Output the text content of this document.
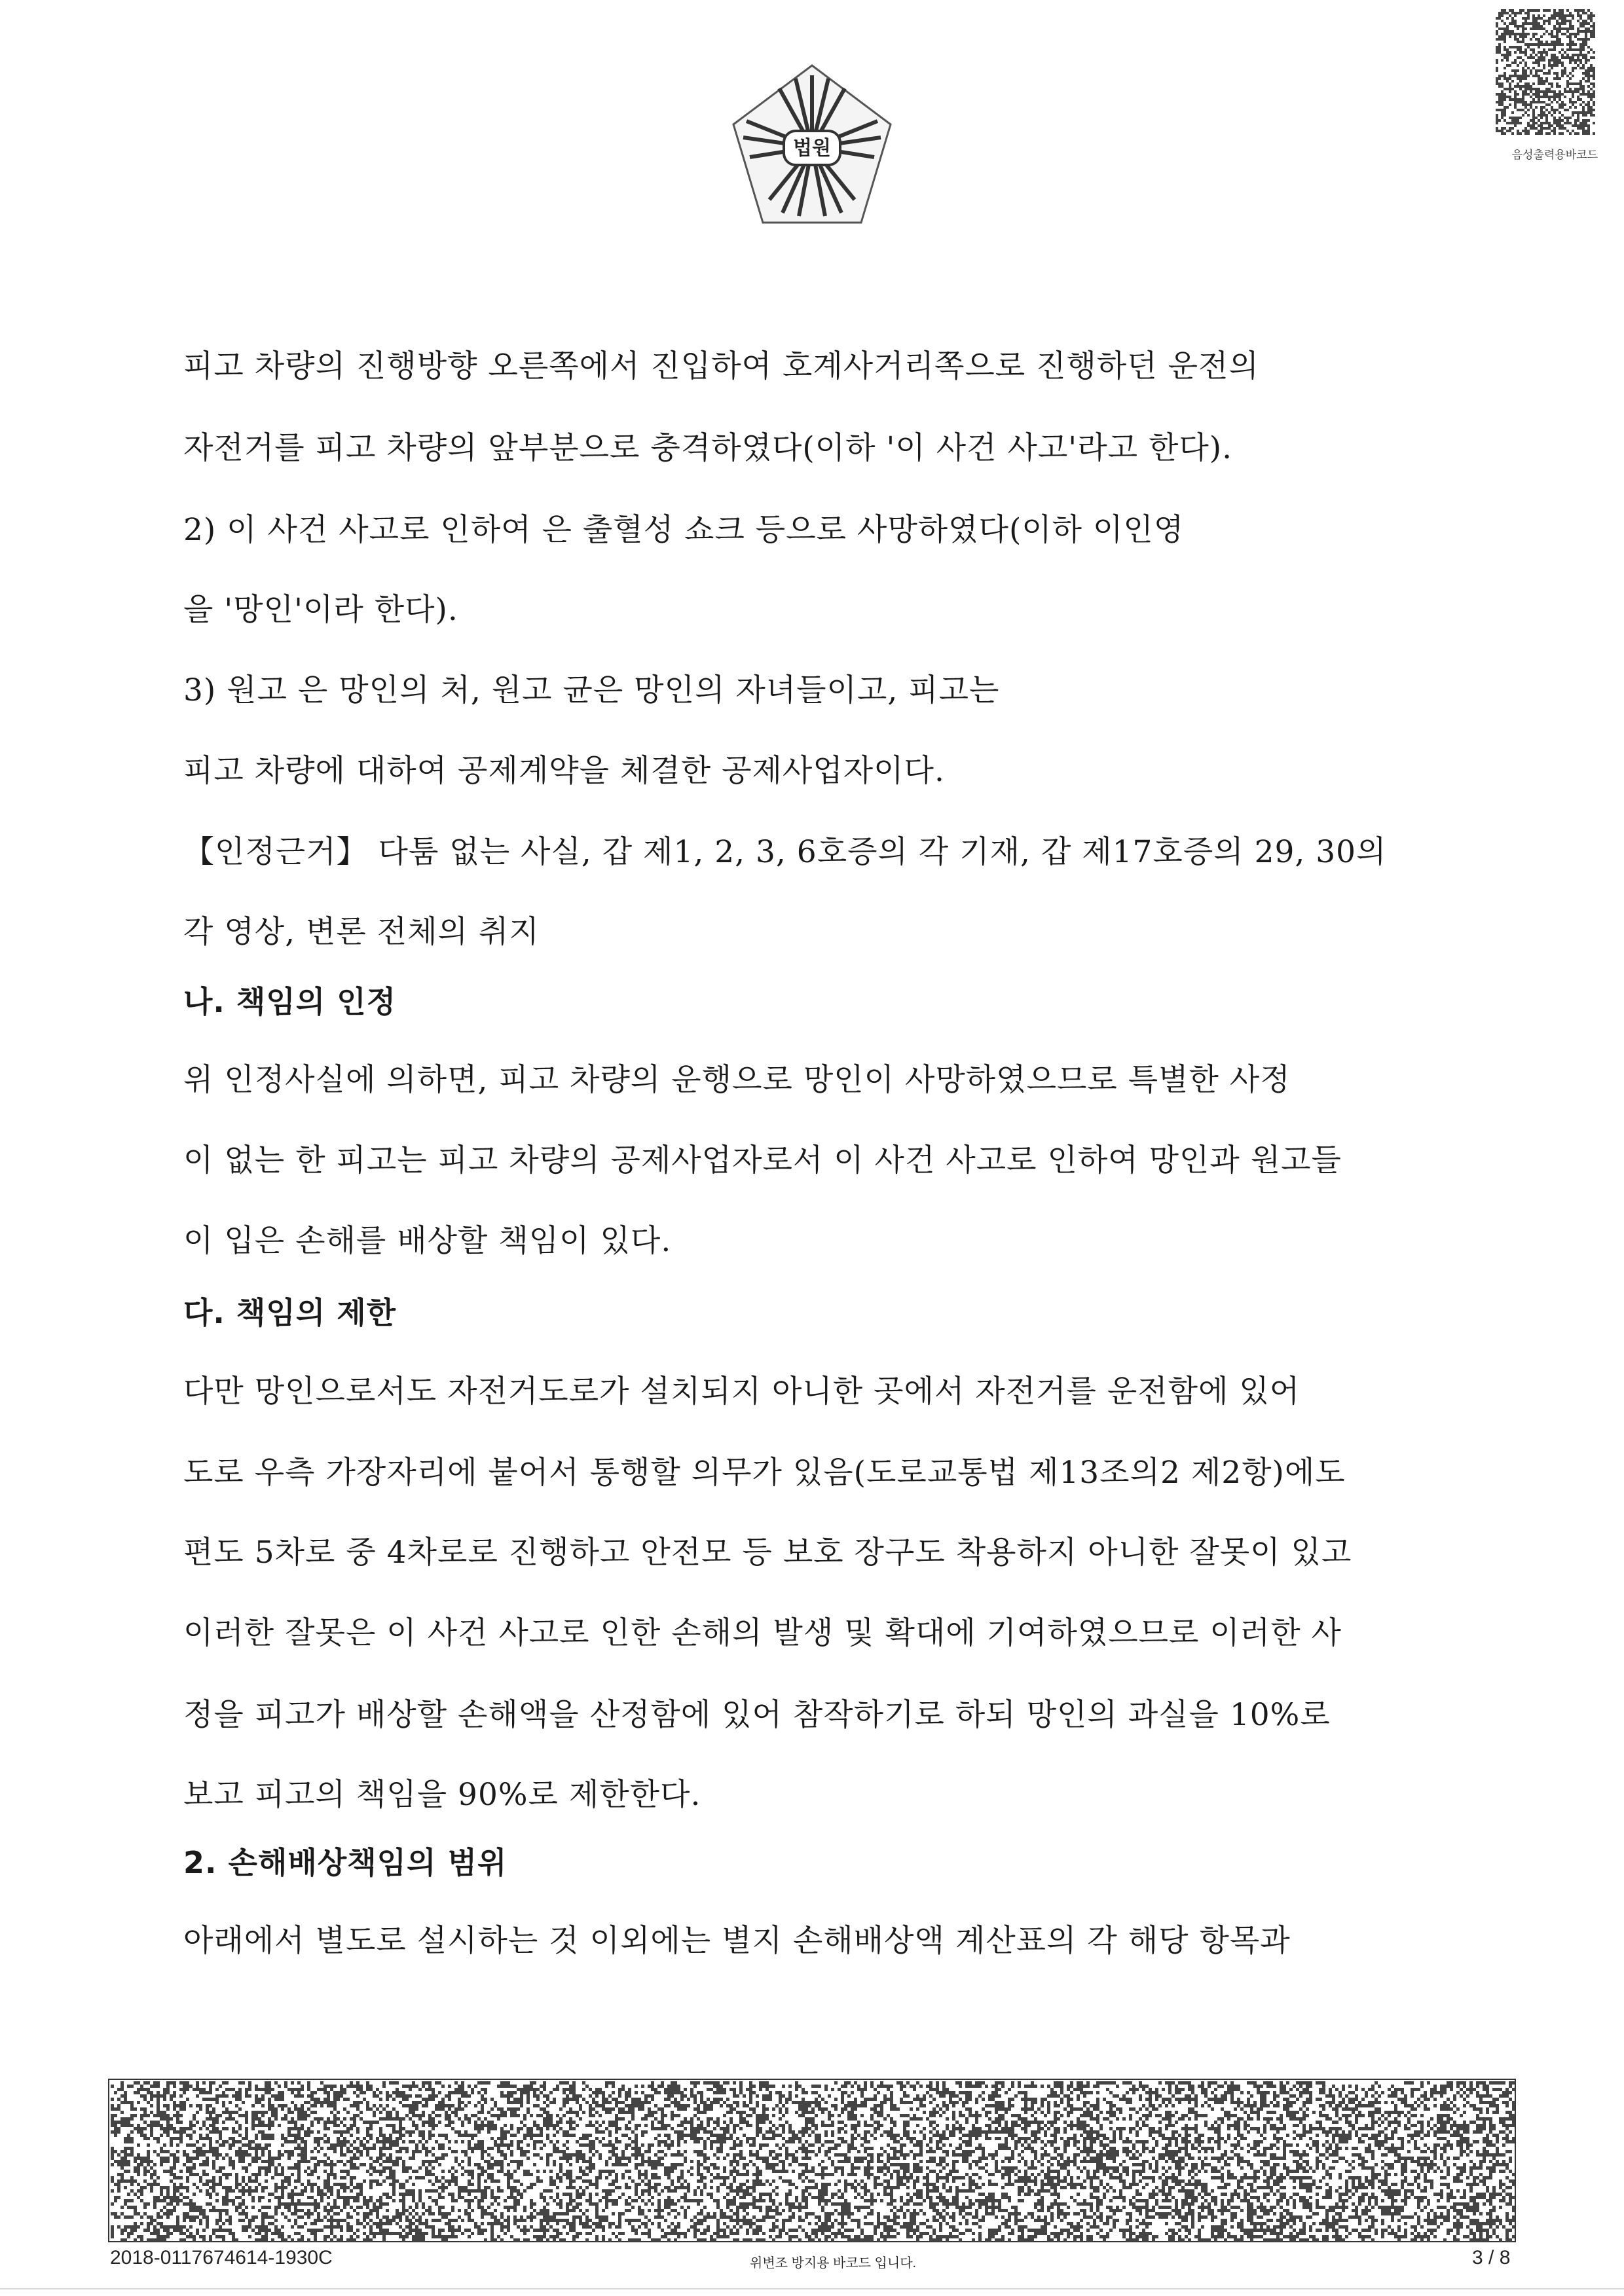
법원	음성출력용바코드
피고 차량의 진행방향 오른쪽에서 진입하여 호계사거리쪽으로 진행하던 운전의
자전거를 피고 차량의 앞부분으로 충격하였다(이하 '이 사건 사고'라고 한다).
2) 이 사건 사고로 인하여 은 출혈성 쇼크 등으로 사망하였다(이하 이인영
을 '망인'이라 한다).
3) 원고 은 망인의 처, 원고 균은 망인의 자녀들이고, 피고는
피고 차량에 대하여 공제계약을 체결한 공제사업자이다.
【인정근거】 다툼 없는 사실, 갑 제1, 2, 3, 6호증의 각 기재, 갑 제17호증의 29, 30의
각 영상, 변론 전체의 취지
나. 책임의 인정
위 인정사실에 의하면, 피고 차량의 운행으로 망인이 사망하였으므로 특별한 사정
이 없는 한 피고는 피고 차량의 공제사업자로서 이 사건 사고로 인하여 망인과 원고들
이 입은 손해를 배상할 책임이 있다.
다. 책임의 제한
다만 망인으로서도 자전거도로가 설치되지 아니한 곳에서 자전거를 운전함에 있어
도로 우측 가장자리에 붙어서 통행할 의무가 있음(도로교통법 제13조의2 제2항)에도
편도 5차로 중 4차로로 진행하고 안전모 등 보호 장구도 착용하지 아니한 잘못이 있고
이러한 잘못은 이 사건 사고로 인한 손해의 발생 및 확대에 기여하였으므로 이러한 사
정을 피고가 배상할 손해액을 산정함에 있어 참작하기로 하되 망인의 과실을 10%로
보고 피고의 책임을 90%로 제한한다.
2. 손해배상책임의 범위
아래에서 별도로 설시하는 것 이외에는 별지 손해배상액 계산표의 각 해당 항목과
2018-0117674614-1930C	위변조 방지용 바코드 입니다.	3 / 8
